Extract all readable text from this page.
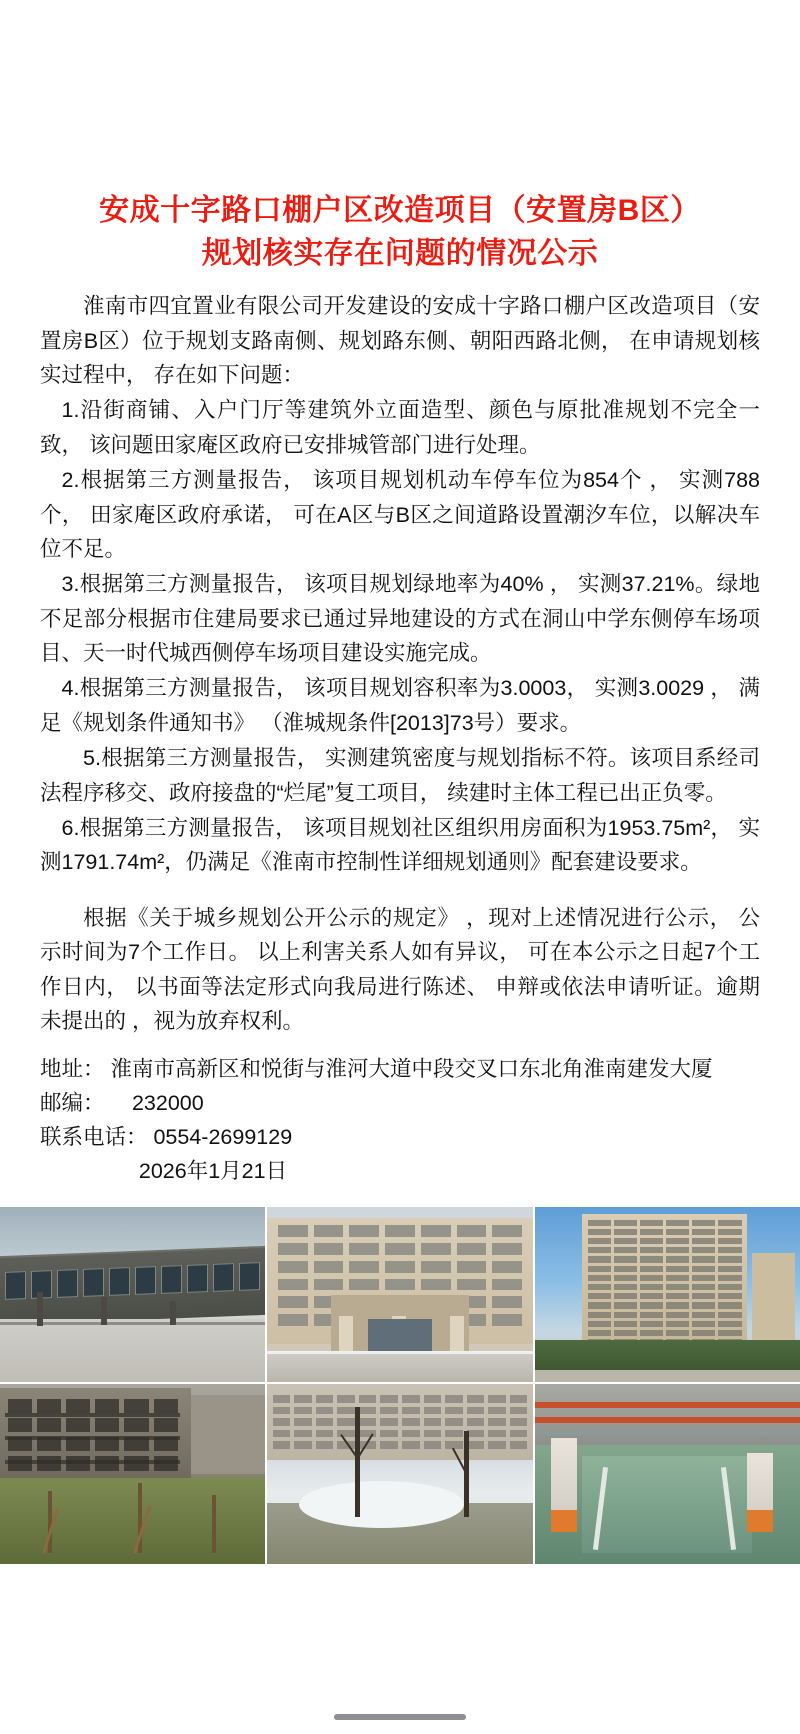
安成十字路口棚户区改造项目（安置房B区）
规划核实存在问题的情况公示

淮南市四宜置业有限公司开发建设的安成十字路口棚户区改造项目（安置房B区）位于规划支路南侧、规划路东侧、朝阳西路北侧， 在申请规划核实过程中， 存在如下问题：

1.沿街商铺、入户门厅等建筑外立面造型、颜色与原批准规划不完全一致， 该问题田家庵区政府已安排城管部门进行处理。

2.根据第三方测量报告， 该项目规划机动车停车位为854个 ， 实测788个， 田家庵区政府承诺， 可在A区与B区之间道路设置潮汐车位，以解决车位不足。

3.根据第三方测量报告， 该项目规划绿地率为40% ， 实测37.21%。绿地不足部分根据市住建局要求已通过异地建设的方式在洞山中学东侧停车场项目、天一时代城西侧停车场项目建设实施完成。

4.根据第三方测量报告， 该项目规划容积率为3.0003， 实测3.0029 ， 满足《规划条件通知书》 （淮城规条件[2013]73号）要求。

5.根据第三方测量报告， 实测建筑密度与规划指标不符。该项目系经司法程序移交、政府接盘的“烂尾”复工项目， 续建时主体工程已出正负零。

6.根据第三方测量报告， 该项目规划社区组织用房面积为1953.75m²， 实测1791.74m²，仍满足《淮南市控制性详细规划通则》配套建设要求。

根据《关于城乡规划公开公示的规定》 ，现对上述情况进行公示， 公示时间为7个工作日。 以上利害关系人如有异议， 可在本公示之日起7个工作日内， 以书面等法定形式向我局进行陈述、 申辩或依法申请听证。逾期未提出的 ，视为放弃权利。

地址： 淮南市高新区和悦街与淮河大道中段交叉口东北角淮南建发大厦

邮编： 　232000

联系电话： 0554-2699129

2026年1月21日
